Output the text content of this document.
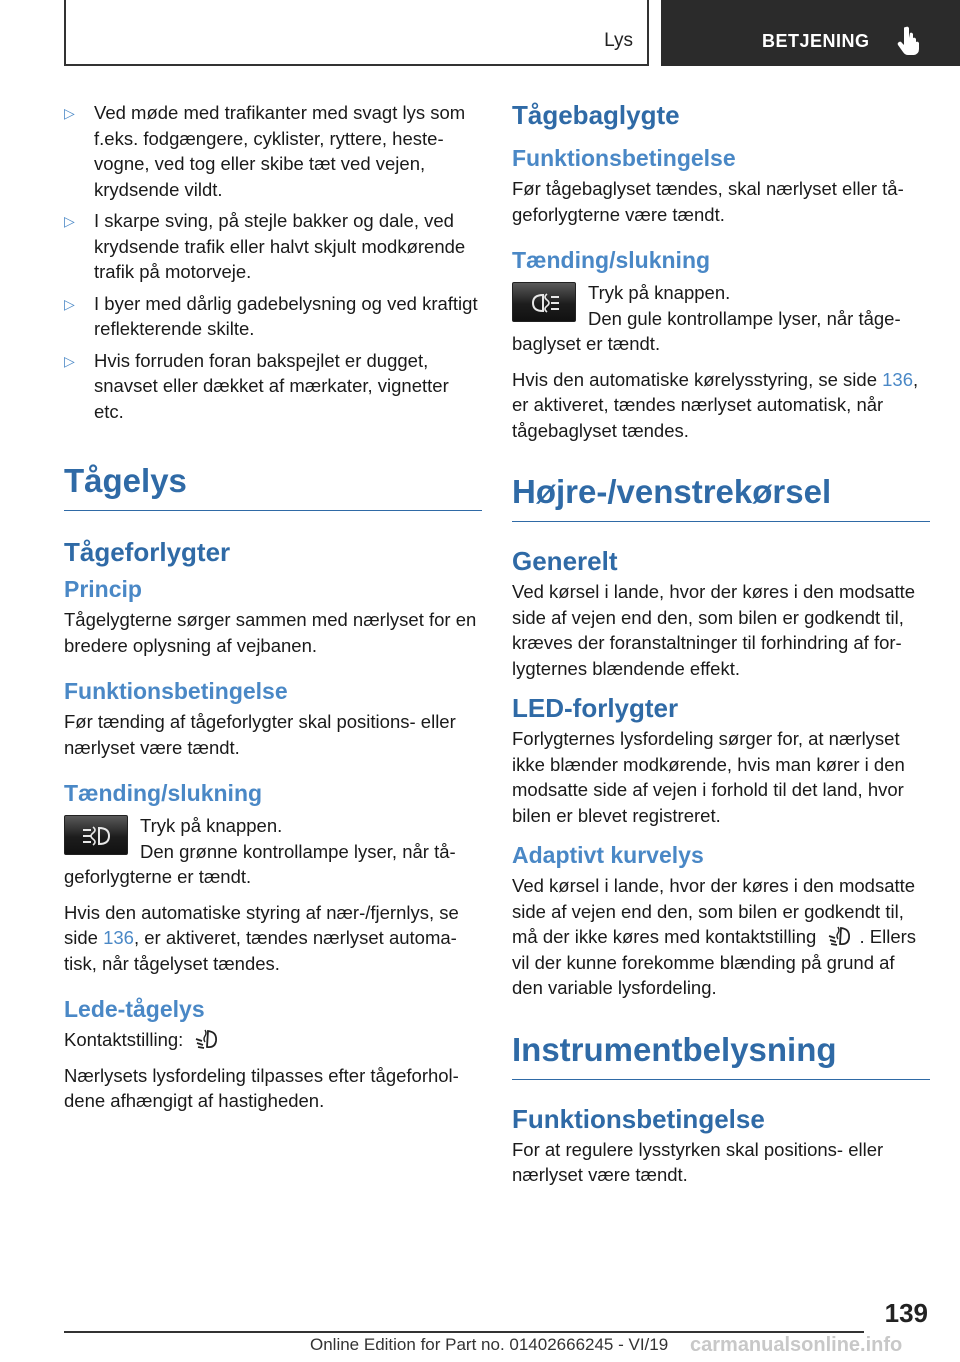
Lys	BETJENING
▷ Ved møde med trafikanter med svagt lys som f.eks. fodgængere, cyklister, ryttere, hestevogne, ved tog eller skibe tæt ved vejen, krydsende vildt.
▷ I skarpe sving, på stejle bakker og dale, ved krydsende trafik eller halvt skjult modkørende trafik på motorveje.
▷ I byer med dårlig gadebelysning og ved kraftigt reflekterende skilte.
▷ Hvis forruden foran bakspejlet er dugget, snavset eller dækket af mærkater, vignetter etc.
Tågelys
Tågeforlygter
Princip

Tågelygterne sørger sammen med nærlyset for en bredere oplysning af vejbanen.

Funktionsbetingelse

Før tænding af tågeforlygter skal positions- eller nærlyset være tændt.

Tænding/slukning

Tryk på knappen.

Den grønne kontrollampe lyser, når tågeforlygterne er tændt.

Hvis den automatiske styring af nær-/fjernlys, se side 136, er aktiveret, tændes nærlyset automatisk, når tågelyset tændes.

Lede-tågelys

Kontaktstilling:

Nærlysets lysfordeling tilpasses efter tågeforholdene afhængigt af hastigheden.

Tågebaglygte
Funktionsbetingelse

Før tågebaglyset tændes, skal nærlyset eller tågeforlygterne være tændt.

Tænding/slukning

Tryk på knappen.

Den gule kontrollampe lyser, når tågebaglyset er tændt.

Hvis den automatiske kørelysstyring, se side 136, er aktiveret, tændes nærlyset automatisk, når tågebaglyset tændes.

Højre-/venstrekørsel
Generelt

Ved kørsel i lande, hvor der køres i den modsatte side af vejen end den, som bilen er godkendt til, kræves der foranstaltninger til forhindring af forlygternes blændende effekt.

LED-forlygter

Forlygternes lysfordeling sørger for, at nærlyset ikke blænder modkørende, hvis man kører i den modsatte side af vejen i forhold til det land, hvor bilen er blevet registreret.

Adaptivt kurvelys

Ved kørsel i lande, hvor der køres i den modsatte side af vejen end den, som bilen er godkendt til, må der ikke køres med kontaktstilling . Ellers vil der kunne forekomme blænding på grund af den variable lysfordeling.

Instrumentbelysning
Funktionsbetingelse

For at regulere lysstyrken skal positions- eller nærlyset være tændt.

139
Online Edition for Part no. 01402666245 - VI/19 carmanualsonline.info
